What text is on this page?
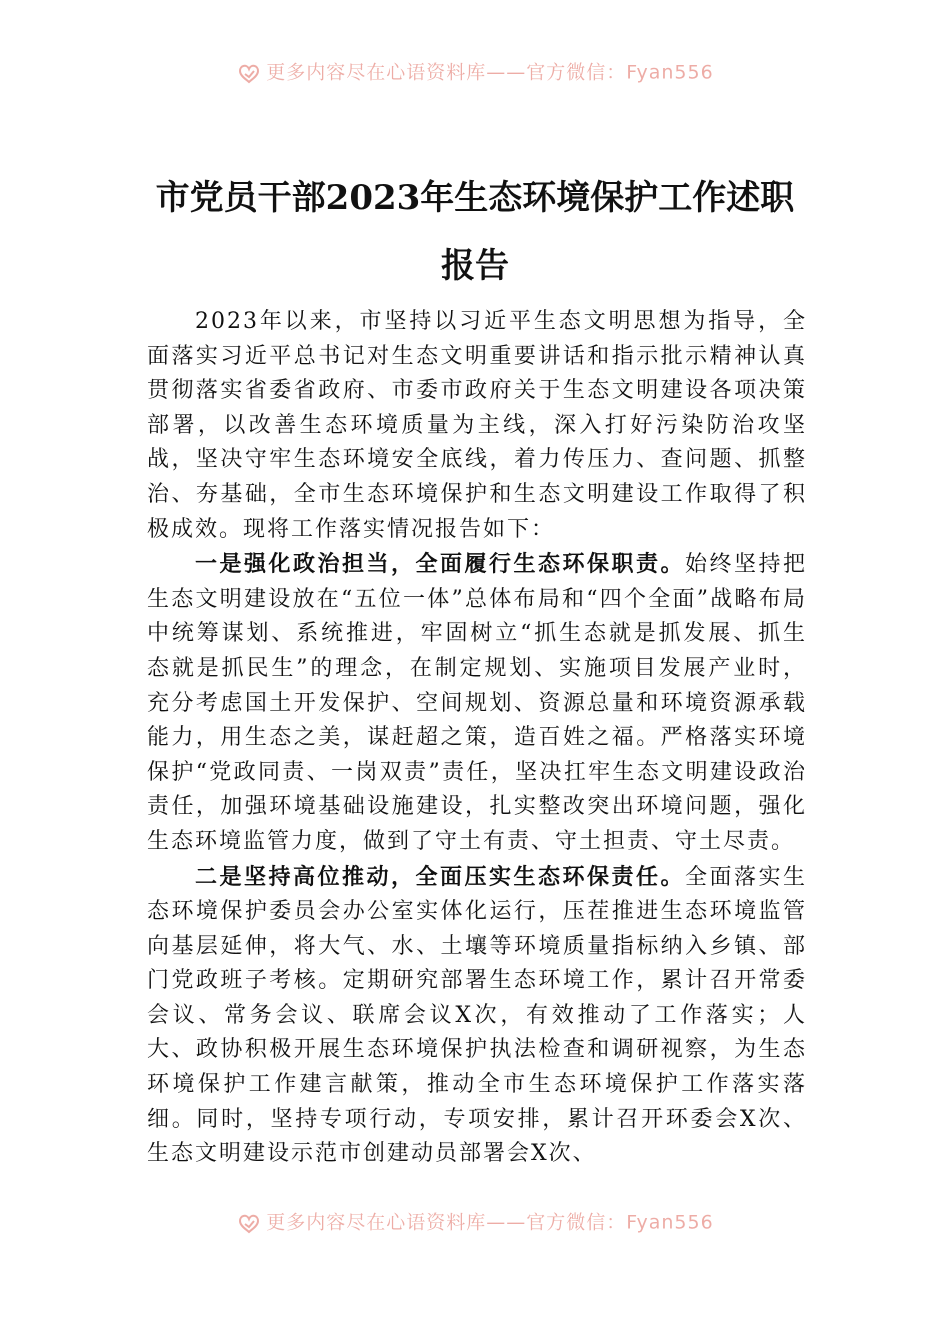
更多内容尽在心语资料库——官方微信：Fyan556
市党员干部2023年生态环境保护工作述职
报告

2023年以来，市坚持以习近平生态文明思想为指导，全面落实习近平总书记对生态文明重要讲话和指示批示精神认真贯彻落实省委省政府、市委市政府关于生态文明建设各项决策部署，以改善生态环境质量为主线，深入打好污染防治攻坚战，坚决守牢生态环境安全底线，着力传压力、查问题、抓整治、夯基础，全市生态环境保护和生态文明建设工作取得了积极成效。现将工作落实情况报告如下：

一是强化政治担当，全面履行生态环保职责。始终坚持把生态文明建设放在“五位一体”总体布局和“四个全面”战略布局中统筹谋划、系统推进，牢固树立“抓生态就是抓发展、抓生态就是抓民生”的理念，在制定规划、实施项目发展产业时，充分考虑国土开发保护、空间规划、资源总量和环境资源承载能力，用生态之美，谋赶超之策，造百姓之福。严格落实环境保护“党政同责、一岗双责”责任，坚决扛牢生态文明建设政治责任，加强环境基础设施建设，扎实整改突出环境问题，强化生态环境监管力度，做到了守土有责、守土担责、守土尽责。

二是坚持高位推动，全面压实生态环保责任。全面落实生态环境保护委员会办公室实体化运行，压茬推进生态环境监管向基层延伸，将大气、水、土壤等环境质量指标纳入乡镇、部门党政班子考核。定期研究部署生态环境工作，累计召开常委会议、常务会议、联席会议X次，有效推动了工作落实；人大、政协积极开展生态环境保护执法检查和调研视察，为生态环境保护工作建言献策，推动全市生态环境保护工作落实落细。同时，坚持专项行动，专项安排，累计召开环委会X次、生态文明建设示范市创建动员部署会X次、

更多内容尽在心语资料库——官方微信：Fyan556
